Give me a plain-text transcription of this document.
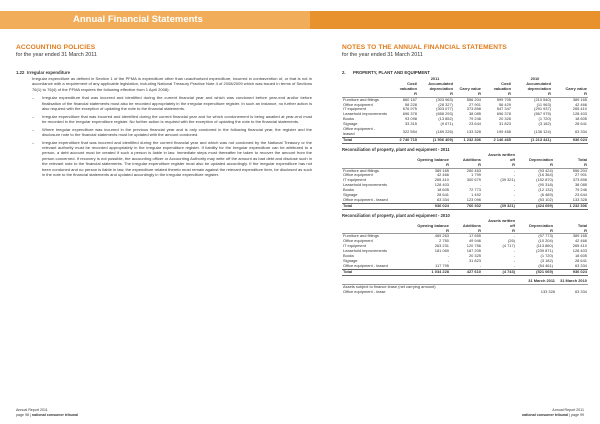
Annual Financial Statements
ACCOUNTING POLICIES
for the year ended 31 March 2011
1.22 Irregular expenditure
Irregular expenditure as defined in Section 1 of the PFMA is expenditure other than unauthorised expenditure, incurred in contravention of, or that is not in accordance with a requirement of any applicable legislation, including National Treasury Practice Note 4 of 2008/2009 which was issued in terms of Sections 76(1) to 76(4) of the PFMA requires the following effective from 1 April 2008):
–	Irregular expenditure that was incurred and identified during the current financial year and which was condoned before year-end and/or before finalisation of the financial statements must also be recorded appropriately in the irregular expenditure register. In such an instance, no further action is also required with the exception of updating the note to the financial statements.
–	Irregular expenditure that was incurred and identified during the current financial year and for which condonement is being awaited at year-end must be recorded in the irregular expenditure register. No further action is required with the exception of updating the note to the financial statements.
–	Where irregular expenditure was incurred in the previous financial year and is only condoned in the following financial year, the register and the disclosure note to the financial statements must be updated with the amount condoned.
–	Irregular expenditure that was incurred and identified during the current financial year and which was not condoned by the National Treasury or the relevant authority must be recorded appropriately in the irregular expenditure register. If liability for the irregular expenditure can be attributed to a person, a debt account must be created if such a person is liable in law. Immediate steps must thereafter be taken to recover the amount from the person concerned. If recovery is not possible, the accounting officer or Accounting Authority may write off the amount as bad debt and disclose such in the relevant note to the financial statements. The irregular expenditure register must also be updated accordingly. If the irregular expenditure has not been condoned and no person is liable in law, the expenditure related thereto must remain against the relevant expenditure item, be disclosed as such in the note to the financial statements and updated accordingly in the irregular expenditure register.
NOTES TO THE ANNUAL FINANCIAL STATEMENTS
for the year ended 31 March 2011
2. PROPERTY, PLANT AND EQUIPMENT
	2011			2010		
	Cost/ valuation	Accumulated depreciation	Carry value	Cost/ valuation	Accumulated depreciation	Carry value
	R	R	R	R	R	R
Furniture and fittings	860 167	(303 963)	556 204	599 705	(210 540)	389 165
Office equipment	58 228	(28 327)	27 901	56 429	(11 963)	42 466
IT equipment	676 975	(303 077)	373 898	547 347	(291 937)	265 410
Leasehold improvements	696 378	(658 293)	38 085	696 378	(567 975)	128 403
Books	93 098	(13 852)	79 246	20 326	(1 720)	18 605
Signage	33 315	(9 671)	23 644	31 823	(3 182)	28 641
Office equipment - leased	322 554	(189 226)	133 328	199 458	(136 124)	63 334
Total	2 740 715	(1 506 409)	1 232 306	2 146 465	(1 213 441)	936 024
Reconciliation of property, plant and equipment - 2011
	Opening balance	Additions	Assets written off	Depreciation	Total
	R	R	R	R	R
Furniture and fittings	389 165	260 463	-	(93 424)	556 204
Office equipment	42 466	1 799	-	(16 364)	27 901
IT equipment	265 410	300 679	(39 321)	(152 870)	373 898
Leasehold improvements	128 403	-	-	(90 318)	38 085
Books	18 605	72 773	-	(12 132)	79 246
Signage	28 641	1 492	-	(6 489)	23 644
Office equipment - leased	63 334	123 096	-	(53 102)	133 328
Total	936 024	760 302	(39 321)	(424 699)	1 232 306
Reconciliation of property, plant and equipment - 2010
	Opening balance	Additions	Assets written off	Depreciation	Total
	R	R	R	R	R
Furniture and fittings	469 263	17 655	-	(97 773)	389 165
Office equipment	2 750	49 946	(26)	(10 204)	42 466
IT equipment	263 231	120 756	(4 717)	(113 860)	265 410
Leasehold improvements	181 069	187 205	-	(239 871)	128 403
Books	-	20 325	-	(1 720)	18 605
Signage	-	31 823	-	(3 182)	28 641
Office equipment - leased	117 795	-	-	(54 461)	63 334
Total	1 034 228	427 610	(4 743)	(521 069)	936 024
	31 March 2011	31 March 2010
Assets subject to finance lease (net carrying amount)		
Office equipment - lease	133 328	63 334
Annual Report 2011
page 98 | national consumer tribunal
Annual Report 2011
national consumer tribunal | page 99
